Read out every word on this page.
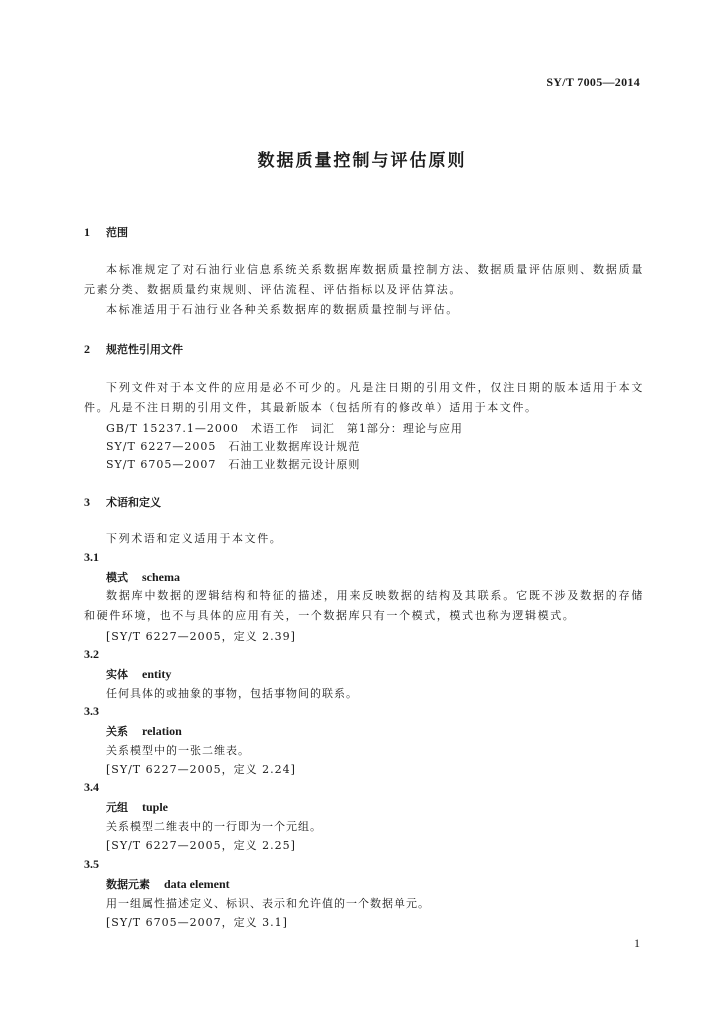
SY/T 7005—2014
数据质量控制与评估原则
1 范围
本标准规定了对石油行业信息系统关系数据库数据质量控制方法、数据质量评估原则、数据质量元素分类、数据质量约束规则、评估流程、评估指标以及评估算法。
本标准适用于石油行业各种关系数据库的数据质量控制与评估。
2 规范性引用文件
下列文件对于本文件的应用是必不可少的。凡是注日期的引用文件，仅注日期的版本适用于本文件。凡是不注日期的引用文件，其最新版本（包括所有的修改单）适用于本文件。
GB/T 15237.1—2000　术语工作　词汇　第1部分：理论与应用
SY/T 6227—2005　石油工业数据库设计规范
SY/T 6705—2007　石油工业数据元设计原则
3 术语和定义
下列术语和定义适用于本文件。
3.1
模式 schema
数据库中数据的逻辑结构和特征的描述，用来反映数据的结构及其联系。它既不涉及数据的存储和硬件环境，也不与具体的应用有关，一个数据库只有一个模式，模式也称为逻辑模式。
[SY/T 6227—2005，定义 2.39]
3.2
实体 entity
任何具体的或抽象的事物，包括事物间的联系。
3.3
关系 relation
关系模型中的一张二维表。
[SY/T 6227—2005，定义 2.24]
3.4
元组 tuple
关系模型二维表中的一行即为一个元组。
[SY/T 6227—2005，定义 2.25]
3.5
数据元素 data element
用一组属性描述定义、标识、表示和允许值的一个数据单元。
[SY/T 6705—2007，定义 3.1]
1
